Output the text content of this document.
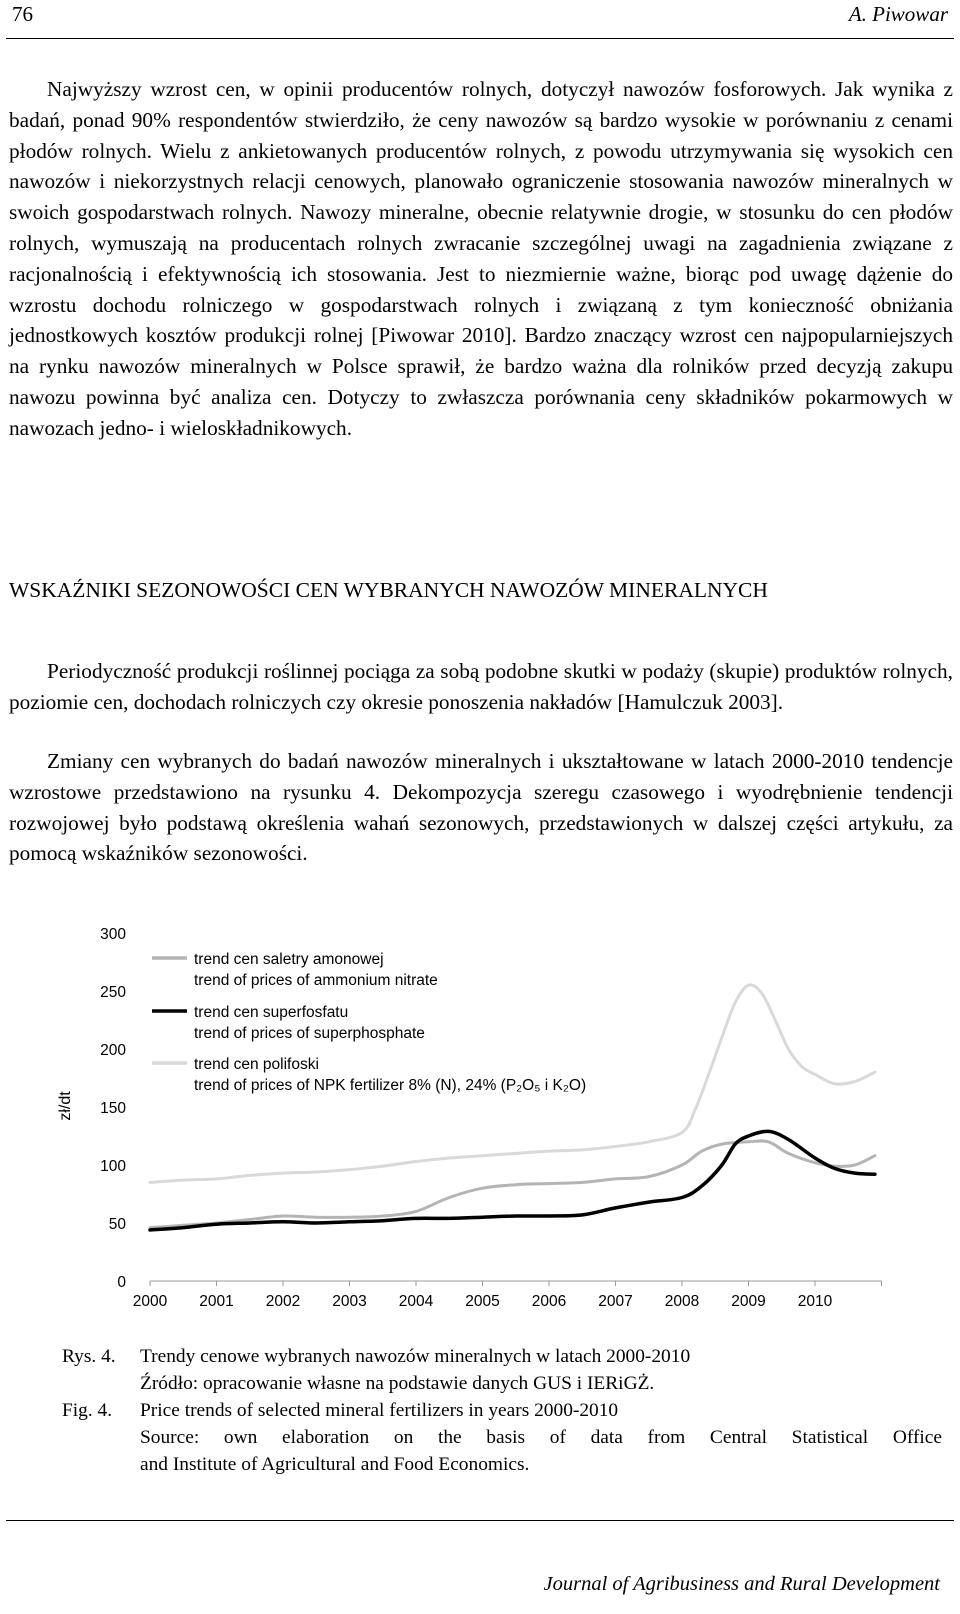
76	A. Piwowar

Najwyższy wzrost cen, w opinii producentów rolnych, dotyczył nawozów fosforowych. Jak wynika z badań, ponad 90% respondentów stwierdziło, że ceny nawozów są bardzo wysokie w porównaniu z cenami płodów rolnych. Wielu z ankietowanych producentów rolnych, z powodu utrzymywania się wysokich cen nawozów i niekorzystnych relacji cenowych, planowało ograniczenie stosowania nawozów mineralnych w swoich gospodarstwach rolnych. Nawozy mineralne, obecnie relatywnie drogie, w stosunku do cen płodów rolnych, wymuszają na producentach rolnych zwracanie szczególnej uwagi na zagadnienia związane z racjonalnością i efektywnością ich stosowania. Jest to niezmiernie ważne, biorąc pod uwagę dążenie do wzrostu dochodu rolniczego w gospodarstwach rolnych i związaną z tym konieczność obniżania jednostkowych kosztów produkcji rolnej [Piwowar 2010]. Bardzo znaczący wzrost cen najpopularniejszych na rynku nawozów mineralnych w Polsce sprawił, że bardzo ważna dla rolników przed decyzją zakupu nawozu powinna być analiza cen. Dotyczy to zwłaszcza porównania ceny składników pokarmowych w nawozach jedno- i wieloskładnikowych.

WSKAŹNIKI SEZONOWOŚCI CEN WYBRANYCH NAWOZÓW MINERALNYCH

Periodyczność produkcji roślinnej pociąga za sobą podobne skutki w podaży (skupie) produktów rolnych, poziomie cen, dochodach rolniczych czy okresie ponoszenia nakładów [Hamulczuk 2003].

Zmiany cen wybranych do badań nawozów mineralnych i ukształtowane w latach 2000-2010 tendencje wzrostowe przedstawiono na rysunku 4. Dekompozycja szeregu czasowego i wyodrębnienie tendencji rozwojowej było podstawą określenia wahań sezonowych, przedstawionych w dalszej części artykułu, za pomocą wskaźników sezonowości.

300
250
200
150
100
50
0
2000 2001 2002 2003 2004 2005 2006 2007 2008 2009 2010
zł/dt
trend cen saletry amonowej
trend of prices of ammonium nitrate
trend cen superfosfatu
trend of prices of superphosphate
trend cen polifoski
trend of prices of NPK fertilizer 8% (N), 24% (P₂O₅ i K₂O)
Rys. 4.	Trendy cenowe wybranych nawozów mineralnych w latach 2000-2010
Źródło: opracowanie własne na podstawie danych GUS i IERiGŻ.
Fig. 4.	Price trends of selected mineral fertilizers in years 2000-2010
Source: own elaboration on the basis of data from Central Statistical Office
and Institute of Agricultural and Food Economics.
Journal of Agribusiness and Rural Development
